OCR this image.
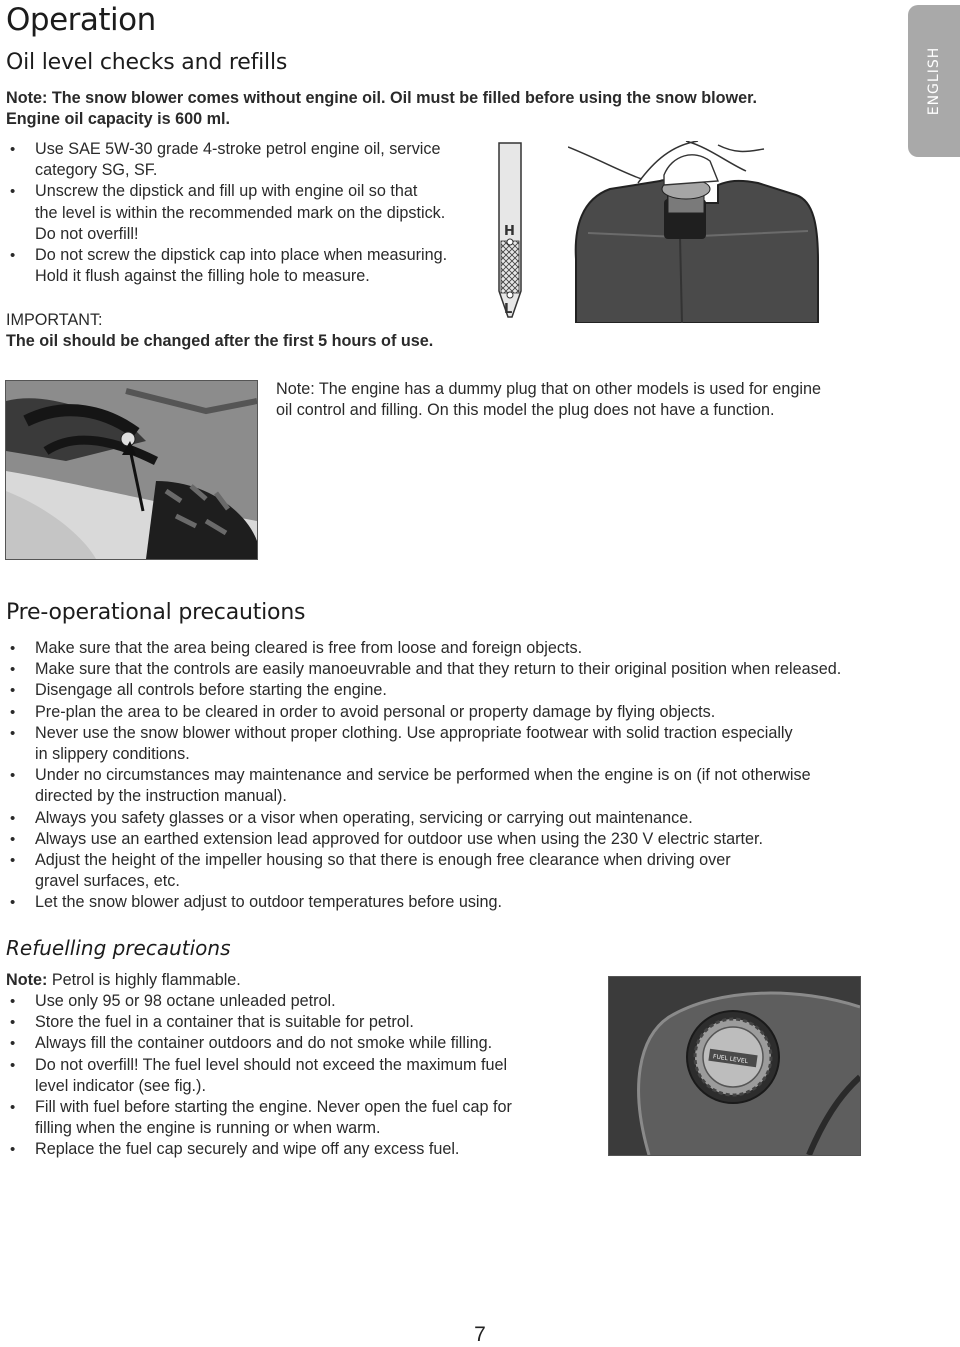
Operation
ENGLISH
Oil level checks and refills
Note: The snow blower comes without engine oil. Oil must be filled before using the snow blower.
Engine oil capacity is 600 ml.
• Use SAE 5W-30 grade 4-stroke petrol engine oil, service
category SG, SF.
• Unscrew the dipstick and fill up with engine oil so that
the level is within the recommended mark on the dipstick.
Do not overfill!
• Do not screw the dipstick cap into place when measuring.
Hold it flush against the filling hole to measure.
IMPORTANT:
The oil should be changed after the first 5 hours of use.
H
L
Note: The engine has a dummy plug that on other models is used for engine
oil control and filling. On this model the plug does not have a function.
Pre-operational precautions
• Make sure that the area being cleared is free from loose and foreign objects.
• Make sure that the controls are easily manoeuvrable and that they return to their original position when released.
• Disengage all controls before starting the engine.
• Pre-plan the area to be cleared in order to avoid personal or property damage by flying objects.
• Never use the snow blower without proper clothing. Use appropriate footwear with solid traction especially
in slippery conditions.
• Under no circumstances may maintenance and service be performed when the engine is on (if not otherwise
directed by the instruction manual).
• Always you safety glasses or a visor when operating, servicing or carrying out maintenance.
• Always use an earthed extension lead approved for outdoor use when using the 230 V electric starter.
• Adjust the height of the impeller housing so that there is enough free clearance when driving over
gravel surfaces, etc.
• Let the snow blower adjust to outdoor temperatures before using.
Refuelling precautions
Note: Petrol is highly flammable.
• Use only 95 or 98 octane unleaded petrol.
• Store the fuel in a container that is suitable for petrol.
• Always fill the container outdoors and do not smoke while filling.
• Do not overfill! The fuel level should not exceed the maximum fuel
level indicator (see fig.).
• Fill with fuel before starting the engine. Never open the fuel cap for
filling when the engine is running or when warm.
• Replace the fuel cap securely and wipe off any excess fuel.
FUEL LEVEL
7
